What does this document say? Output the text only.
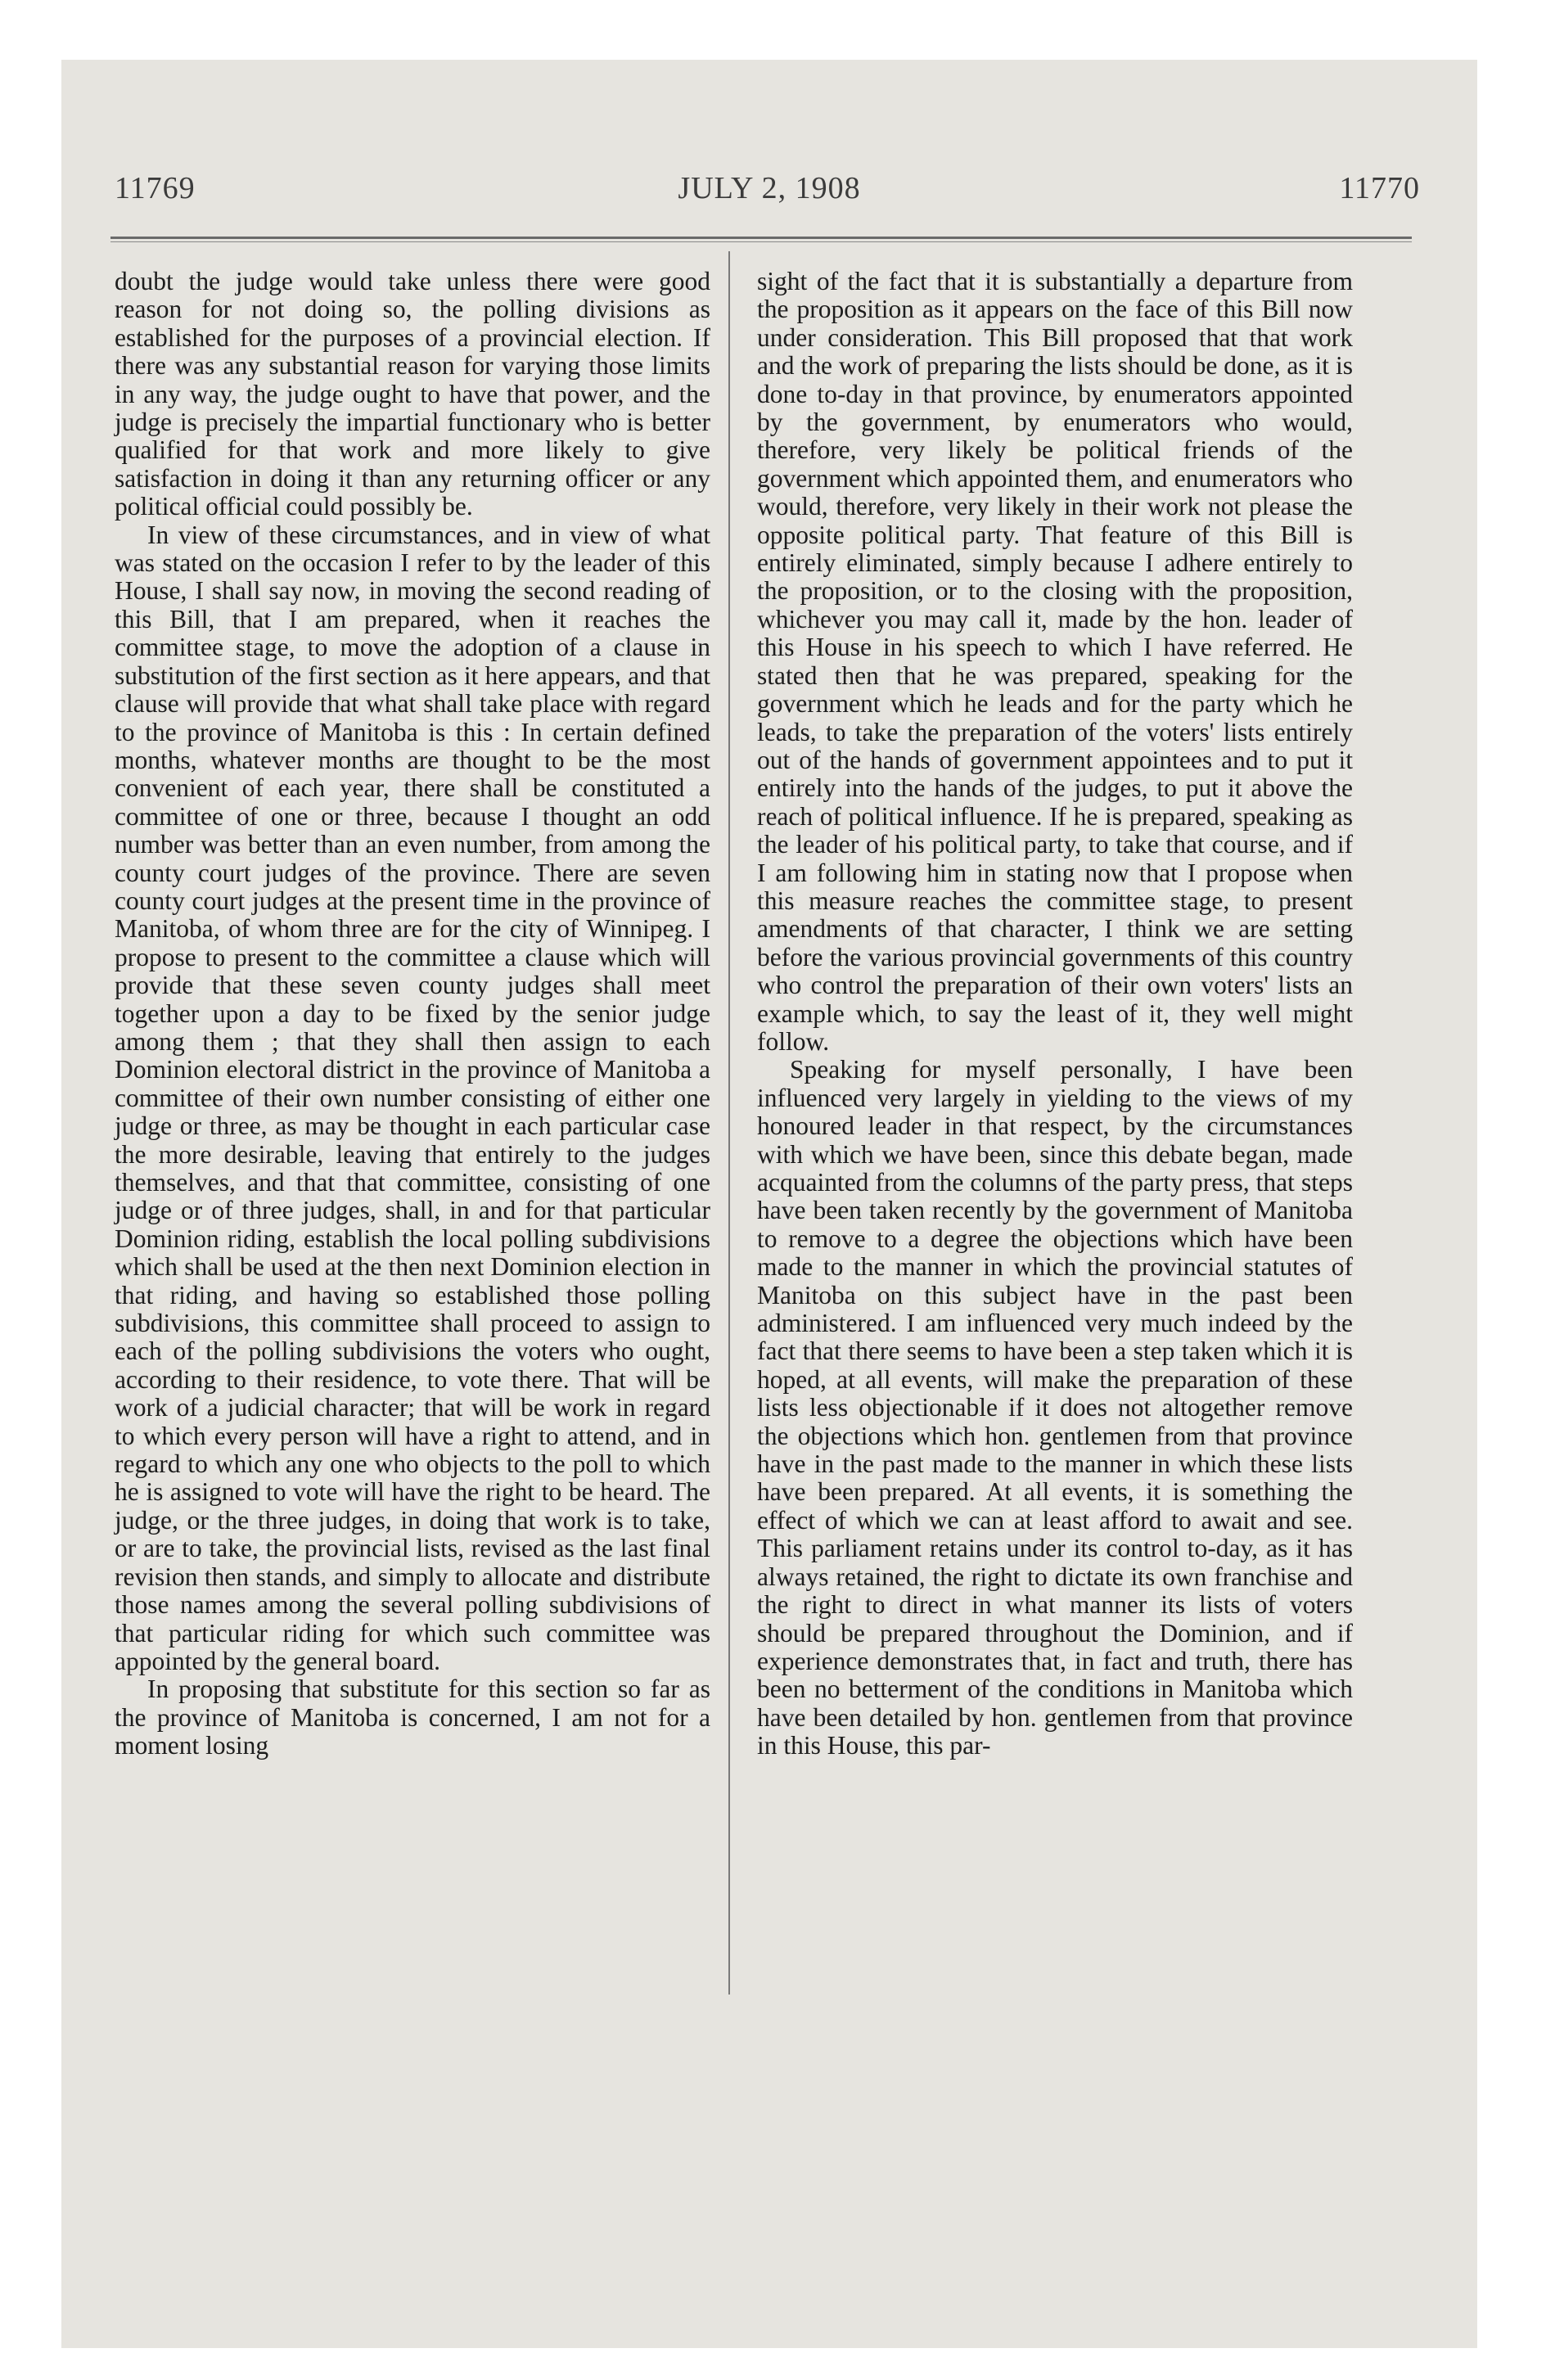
11769	JULY 2, 1908	11770

doubt the judge would take unless there were good reason for not doing so, the polling divisions as established for the purposes of a provincial election. If there was any substantial reason for varying those limits in any way, the judge ought to have that power, and the judge is precisely the impartial functionary who is better qualified for that work and more likely to give satisfaction in doing it than any returning officer or any political official could possibly be.

In view of these circumstances, and in view of what was stated on the occasion I refer to by the leader of this House, I shall say now, in moving the second reading of this Bill, that I am prepared, when it reaches the committee stage, to move the adoption of a clause in substitution of the first section as it here appears, and that clause will provide that what shall take place with regard to the province of Manitoba is this : In certain defined months, whatever months are thought to be the most convenient of each year, there shall be constituted a committee of one or three, because I thought an odd number was better than an even number, from among the county court judges of the province. There are seven county court judges at the present time in the province of Manitoba, of whom three are for the city of Winnipeg. I propose to present to the committee a clause which will provide that these seven county judges shall meet together upon a day to be fixed by the senior judge among them ; that they shall then assign to each Dominion electoral district in the province of Manitoba a committee of their own number consisting of either one judge or three, as may be thought in each particular case the more desirable, leaving that entirely to the judges themselves, and that that committee, consisting of one judge or of three judges, shall, in and for that particular Dominion riding, establish the local polling subdivisions which shall be used at the then next Dominion election in that riding, and having so established those polling subdivisions, this committee shall proceed to assign to each of the polling subdivisions the voters who ought, according to their residence, to vote there. That will be work of a judicial character; that will be work in regard to which every person will have a right to attend, and in regard to which any one who objects to the poll to which he is assigned to vote will have the right to be heard. The judge, or the three judges, in doing that work is to take, or are to take, the provincial lists, revised as the last final revision then stands, and simply to allocate and distribute those names among the several polling subdivisions of that particular riding for which such committee was appointed by the general board.

In proposing that substitute for this section so far as the province of Manitoba is concerned, I am not for a moment losing

sight of the fact that it is substantially a departure from the proposition as it appears on the face of this Bill now under consideration. This Bill proposed that that work and the work of preparing the lists should be done, as it is done to-day in that province, by enumerators appointed by the government, by enumerators who would, therefore, very likely be political friends of the government which appointed them, and enumerators who would, therefore, very likely in their work not please the opposite political party. That feature of this Bill is entirely eliminated, simply because I adhere entirely to the proposition, or to the closing with the proposition, whichever you may call it, made by the hon. leader of this House in his speech to which I have referred. He stated then that he was prepared, speaking for the government which he leads and for the party which he leads, to take the preparation of the voters' lists entirely out of the hands of government appointees and to put it entirely into the hands of the judges, to put it above the reach of political influence. If he is prepared, speaking as the leader of his political party, to take that course, and if I am following him in stating now that I propose when this measure reaches the committee stage, to present amendments of that character, I think we are setting before the various provincial governments of this country who control the preparation of their own voters' lists an example which, to say the least of it, they well might follow.

Speaking for myself personally, I have been influenced very largely in yielding to the views of my honoured leader in that respect, by the circumstances with which we have been, since this debate began, made acquainted from the columns of the party press, that steps have been taken recently by the government of Manitoba to remove to a degree the objections which have been made to the manner in which the provincial statutes of Manitoba on this subject have in the past been administered. I am influenced very much indeed by the fact that there seems to have been a step taken which it is hoped, at all events, will make the preparation of these lists less objectionable if it does not altogether remove the objections which hon. gentlemen from that province have in the past made to the manner in which these lists have been prepared. At all events, it is something the effect of which we can at least afford to await and see. This parliament retains under its control to-day, as it has always retained, the right to dictate its own franchise and the right to direct in what manner its lists of voters should be prepared throughout the Dominion, and if experience demonstrates that, in fact and truth, there has been no betterment of the conditions in Manitoba which have been detailed by hon. gentlemen from that province in this House, this par-
